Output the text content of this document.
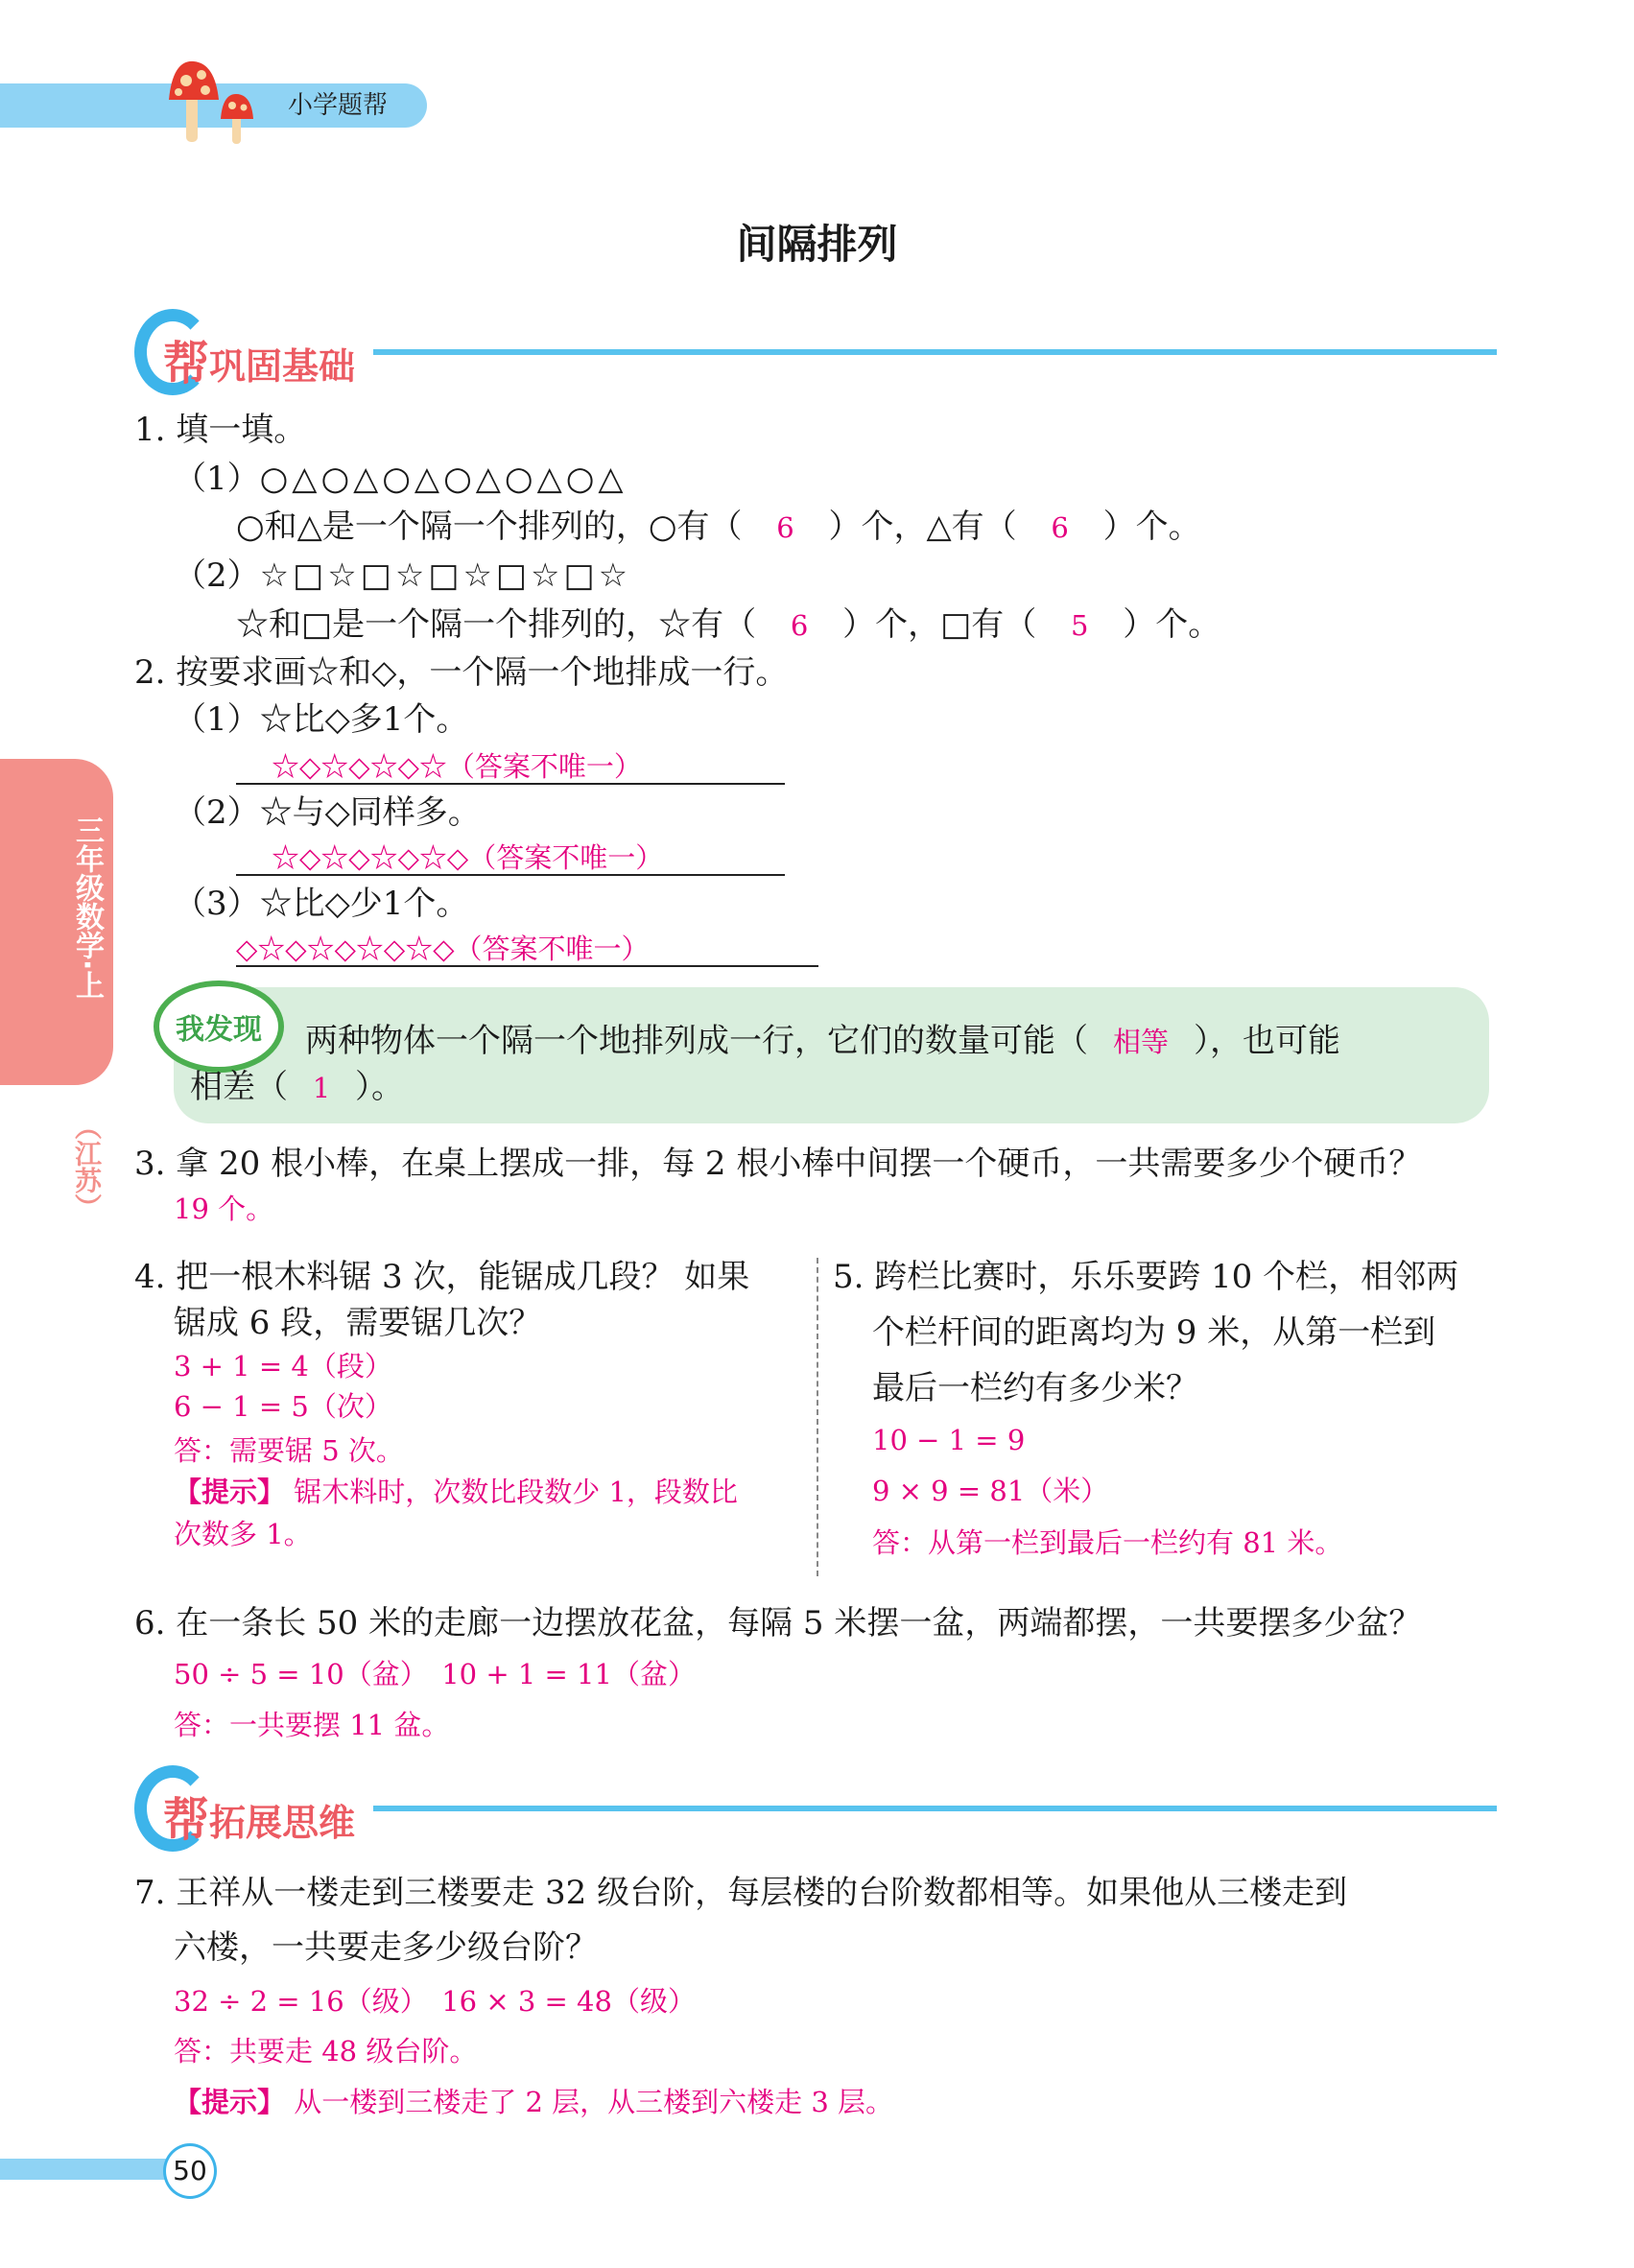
小学题帮
间隔排列
三年级数学·上
（江苏）
帮巩固基础
1. 填一填。
（1）○△○△○△○△○△○△
○和△是一个隔一个排列的，○有（ 6 ）个，△有（ 6 ）个。
（2）☆□☆□☆□☆□☆□☆
☆和□是一个隔一个排列的，☆有（ 6 ）个，□有（ 5 ）个。
2. 按要求画☆和◇，一个隔一个地排成一行。
（1）☆比◇多1个。
☆◇☆◇☆◇☆（答案不唯一）
（2）☆与◇同样多。
☆◇☆◇☆◇☆◇（答案不唯一）
（3）☆比◇少1个。
◇☆◇☆◇☆◇☆◇（答案不唯一）
我发现 两种物体一个隔一个地排列成一行，它们的数量可能（ 相等 ），也可能
相差（ 1 ）。
3. 拿 20 根小棒，在桌上摆成一排，每 2 根小棒中间摆一个硬币，一共需要多少个硬币？
19 个。
4. 把一根木料锯 3 次，能锯成几段？ 如果
锯成 6 段，需要锯几次？
3 + 1 = 4（段）
6 − 1 = 5（次）
答：需要锯 5 次。
【提示】 锯木料时，次数比段数少 1，段数比
次数多 1。
5. 跨栏比赛时，乐乐要跨 10 个栏，相邻两
个栏杆间的距离均为 9 米，从第一栏到
最后一栏约有多少米？
10 − 1 = 9
9 × 9 = 81（米）
答：从第一栏到最后一栏约有 81 米。
6. 在一条长 50 米的走廊一边摆放花盆，每隔 5 米摆一盆，两端都摆，一共要摆多少盆？
50 ÷ 5 = 10（盆）　10 + 1 = 11（盆）
答：一共要摆 11 盆。
帮拓展思维
7. 王祥从一楼走到三楼要走 32 级台阶，每层楼的台阶数都相等。如果他从三楼走到
六楼，一共要走多少级台阶？
32 ÷ 2 = 16（级）　16 × 3 = 48（级）
答：共要走 48 级台阶。
【提示】 从一楼到三楼走了 2 层，从三楼到六楼走 3 层。
50
